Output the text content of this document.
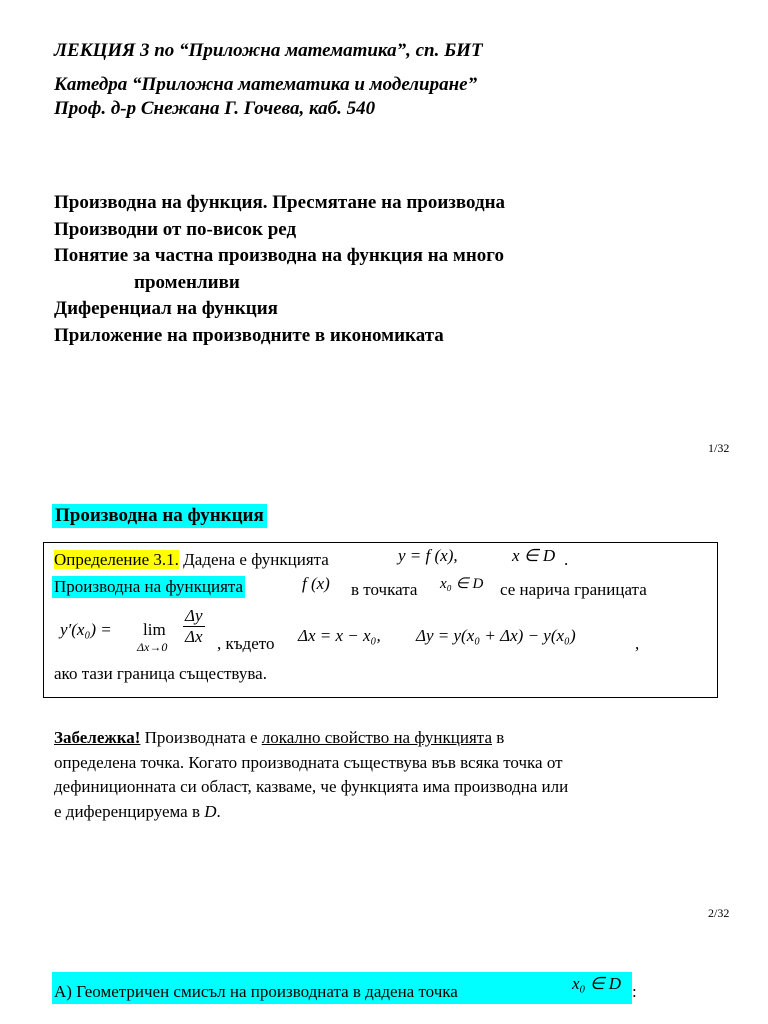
ЛЕКЦИЯ 3 по “Приложна математика”, сп. БИТ
Катедра “Приложна математика и моделиране”
Проф. д-р Снежана Г. Гочева, каб. 540
Производна на функция. Пресмятане на производна
Производни от по-висок ред
Понятие за частна производна на функция на много
променливи
Диференциал на функция
Приложение на производните в икономиката
1/32
Производна на функция
Определение 3.1. Дадена е функцията	y = f (x),	x ∈ D .
Производна на функцията	f (x) в точката x₀ ∈ D се нарича границата
y′(x₀) = lim
$\Delta x\to 0 \frac{\Delta y}{\Delta x}$ , където Δx = x − x₀, Δy = y(x₀ + Δx) − y(x₀)	,
ако тази граница съществува.
Забележка! Производната е локално свойство на функцията в
определена точка. Когато производната съществува във всяка точка от
дефиниционната си област, казваме, че функцията има производна или
е диференцируема в D.
2/32
А) Геометричен смисъл на производната в дадена точка	x₀ ∈ D :
